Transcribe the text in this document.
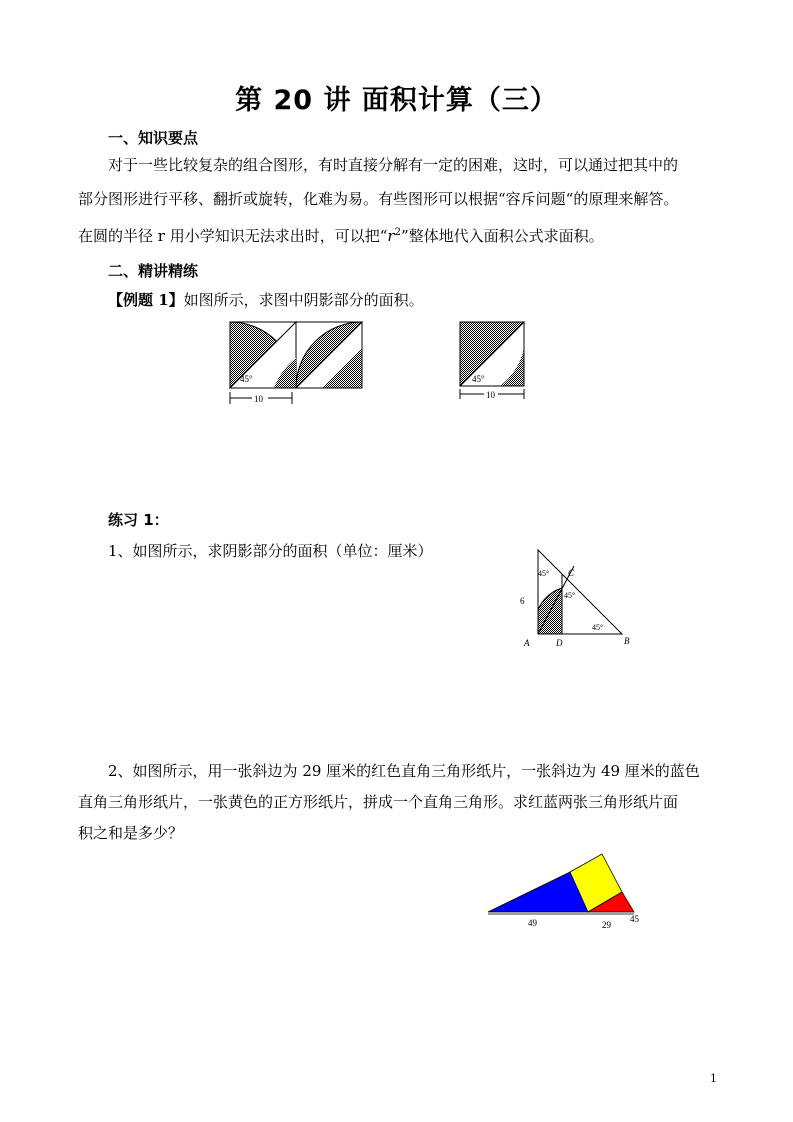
第 20 讲 面积计算（三）
一、知识要点
对于一些比较复杂的组合图形，有时直接分解有一定的困难，这时，可以通过把其中的
部分图形进行平移、翻折或旋转，化难为易。有些图形可以根据“容斥问题“的原理来解答。
在圆的半径 r 用小学知识无法求出时，可以把“$r^2$”整体地代入面积公式求面积。
二、精讲精练
【例题 1】如图所示，求图中阴影部分的面积。
45°
10
45°
10
练习 1：
1、如图所示，求阴影部分的面积（单位：厘米）
45°
45°
45°
6
C
A	D	B
2、如图所示，用一张斜边为 29 厘米的红色直角三角形纸片，一张斜边为 49 厘米的蓝色
直角三角形纸片，一张黄色的正方形纸片，拼成一个直角三角形。求红蓝两张三角形纸片面
积之和是多少？
49	29
45
1
